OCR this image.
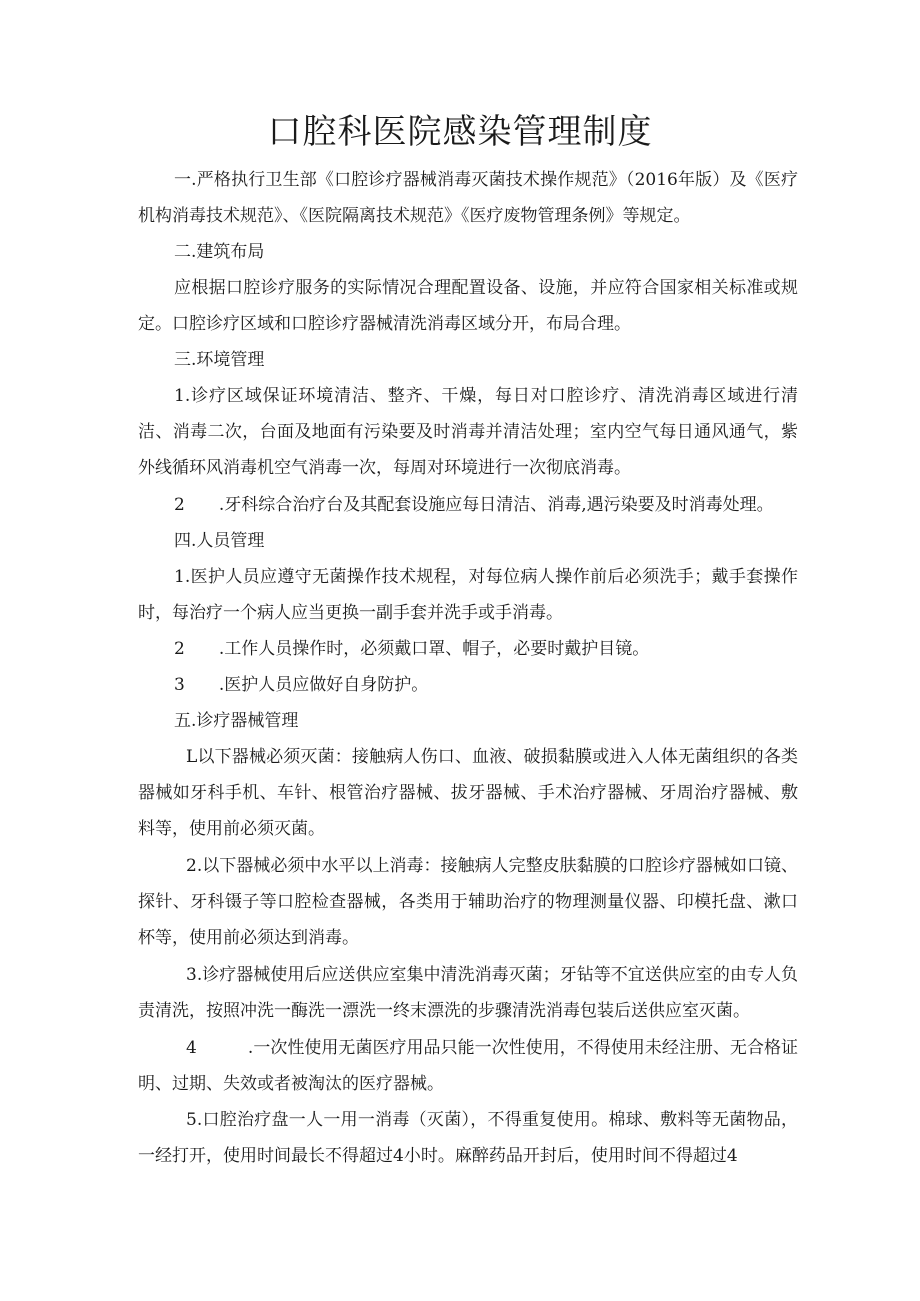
口腔科医院感染管理制度

一.严格执行卫生部《口腔诊疗器械消毒灭菌技术操作规范》（2016年版）及《医疗机构消毒技术规范》、《医院隔离技术规范》《医疗废物管理条例》等规定。

二.建筑布局

应根据口腔诊疗服务的实际情况合理配置设备、设施，并应符合国家相关标准或规定。口腔诊疗区域和口腔诊疗器械清洗消毒区域分开，布局合理。

三.环境管理

1.诊疗区域保证环境清洁、整齐、干燥，每日对口腔诊疗、清洗消毒区域进行清洁、消毒二次，台面及地面有污染要及时消毒并清洁处理；室内空气每日通风通气，紫外线循环风消毒机空气消毒一次，每周对环境进行一次彻底消毒。

2　　.牙科综合治疗台及其配套设施应每日清洁、消毒,遇污染要及时消毒处理。

四.人员管理

1.医护人员应遵守无菌操作技术规程，对每位病人操作前后必须洗手；戴手套操作时，每治疗一个病人应当更换一副手套并洗手或手消毒。

2　　.工作人员操作时，必须戴口罩、帽子，必要时戴护目镜。

3　　.医护人员应做好自身防护。

五.诊疗器械管理

L以下器械必须灭菌：接触病人伤口、血液、破损黏膜或进入人体无菌组织的各类器械如牙科手机、车针、根管治疗器械、拔牙器械、手术治疗器械、牙周治疗器械、敷料等，使用前必须灭菌。

2.以下器械必须中水平以上消毒：接触病人完整皮肤黏膜的口腔诊疗器械如口镜、探针、牙科镊子等口腔检查器械，各类用于辅助治疗的物理测量仪器、印模托盘、漱口杯等，使用前必须达到消毒。

3.诊疗器械使用后应送供应室集中清洗消毒灭菌；牙钻等不宜送供应室的由专人负责清洗，按照冲洗一酶洗一漂洗一终末漂洗的步骤清洗消毒包装后送供应室灭菌。

4　　　.一次性使用无菌医疗用品只能一次性使用，不得使用未经注册、无合格证明、过期、失效或者被淘汰的医疗器械。

5.口腔治疗盘一人一用一消毒（灭菌），不得重复使用。棉球、敷料等无菌物品，一经打开，使用时间最长不得超过4小时。麻醉药品开封后，使用时间不得超过4
